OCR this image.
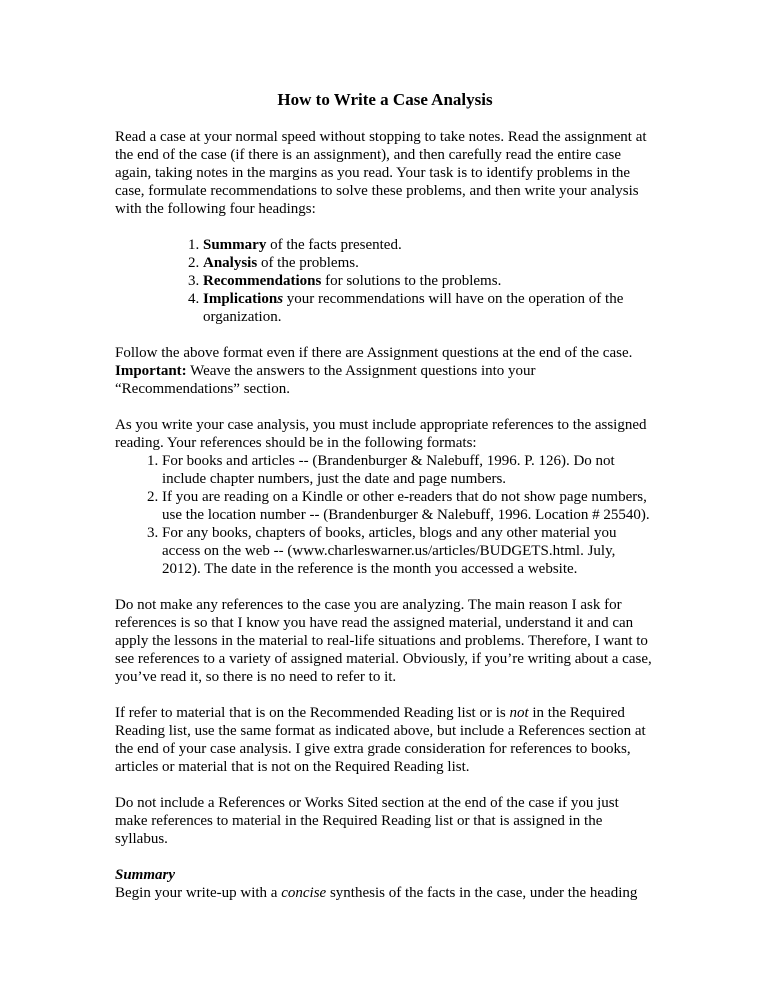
How to Write a Case Analysis

Read a case at your normal speed without stopping to take notes. Read the assignment at the end of the case (if there is an assignment), and then carefully read the entire case again, taking notes in the margins as you read. Your task is to identify problems in the case, formulate recommendations to solve these problems, and then write your analysis with the following four headings:

1. Summary of the facts presented.
2. Analysis of the problems.
3. Recommendations for solutions to the problems.
4. Implications your recommendations will have on the operation of the organization.

Follow the above format even if there are Assignment questions at the end of the case. Important: Weave the answers to the Assignment questions into your “Recommendations” section.

As you write your case analysis, you must include appropriate references to the assigned reading. Your references should be in the following formats:

1. For books and articles -- (Brandenburger & Nalebuff, 1996. P. 126). Do not include chapter numbers, just the date and page numbers.
2. If you are reading on a Kindle or other e-readers that do not show page numbers, use the location number -- (Brandenburger & Nalebuff, 1996. Location # 25540).
3. For any books, chapters of books, articles, blogs and any other material you access on the web -- (www.charleswarner.us/articles/BUDGETS.html. July, 2012). The date in the reference is the month you accessed a website.

Do not make any references to the case you are analyzing. The main reason I ask for references is so that I know you have read the assigned material, understand it and can apply the lessons in the material to real-life situations and problems. Therefore, I want to see references to a variety of assigned material. Obviously, if you’re writing about a case, you’ve read it, so there is no need to refer to it.

If refer to material that is on the Recommended Reading list or is not in the Required Reading list, use the same format as indicated above, but include a References section at the end of your case analysis. I give extra grade consideration for references to books, articles or material that is not on the Required Reading list.

Do not include a References or Works Sited section at the end of the case if you just make references to material in the Required Reading list or that is assigned in the syllabus.

Summary

Begin your write-up with a concise synthesis of the facts in the case, under the heading
